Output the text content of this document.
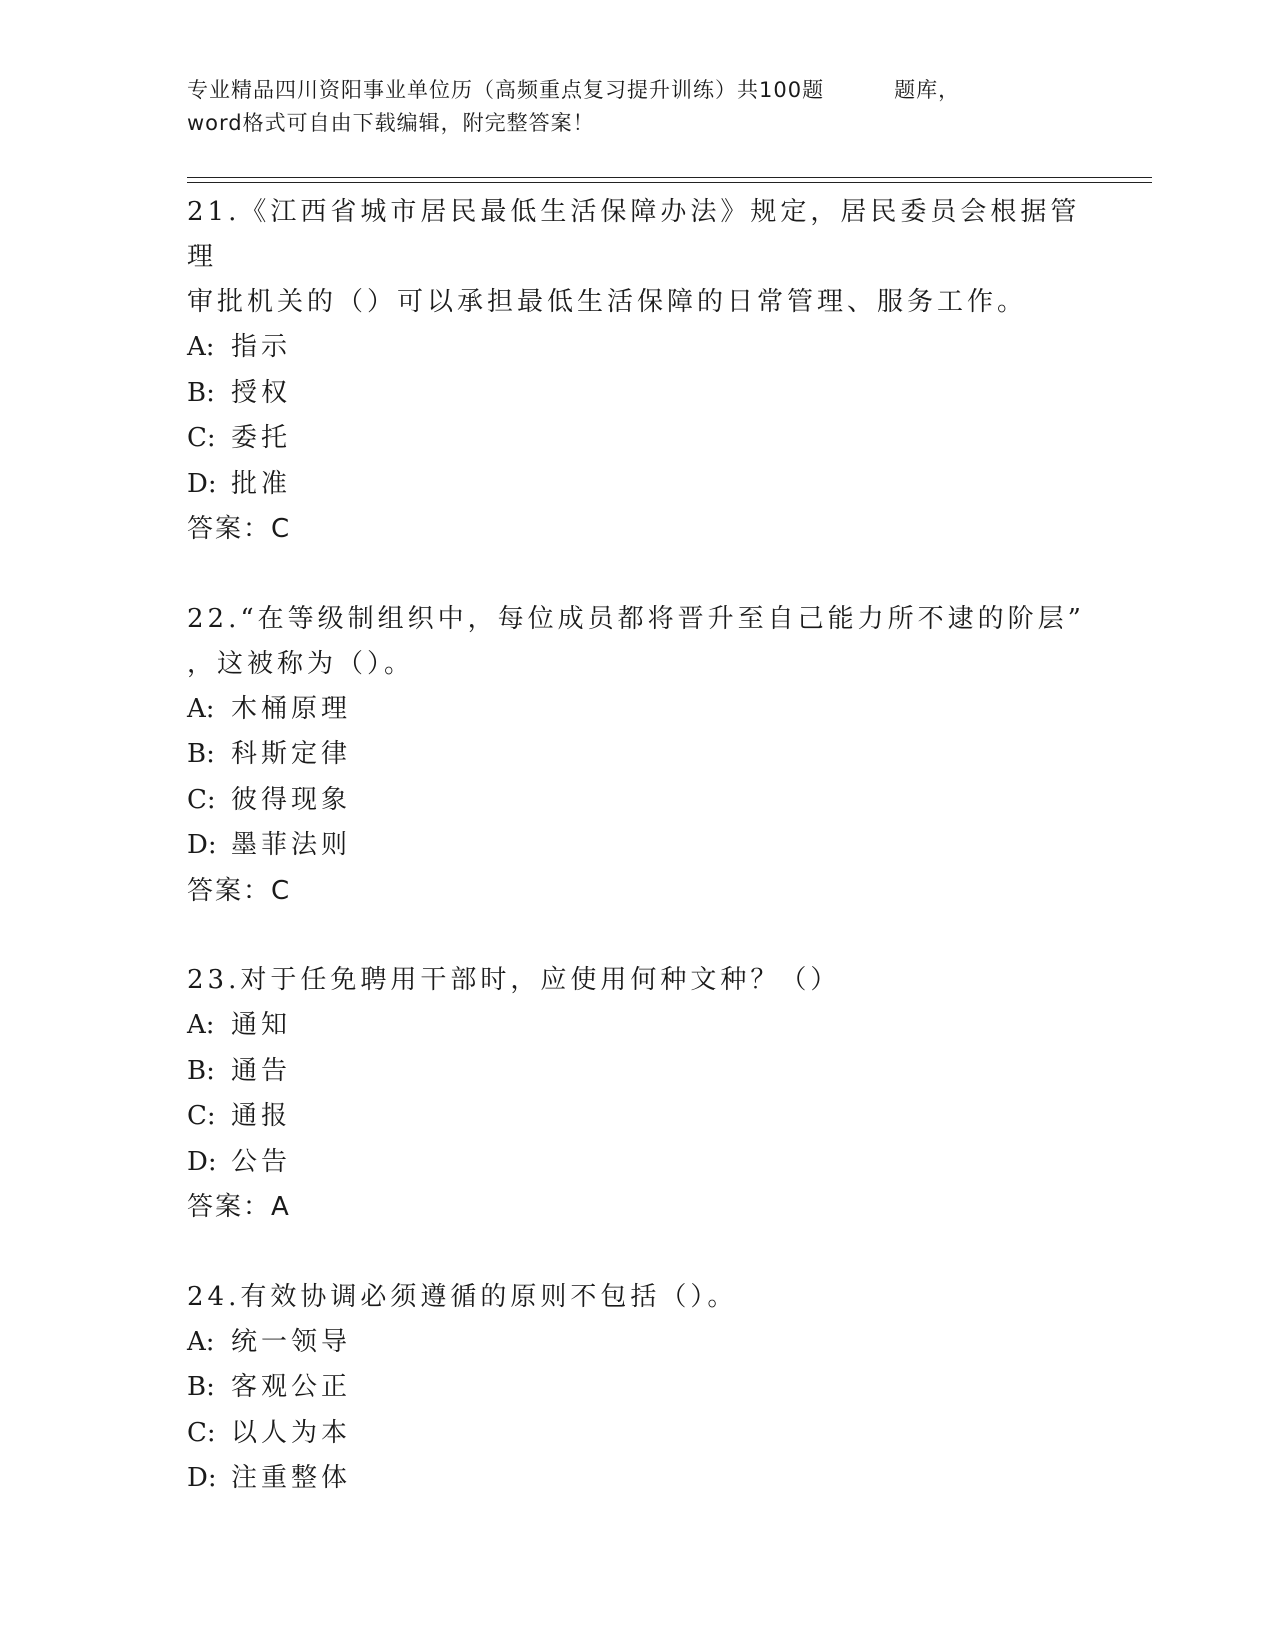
专业精品四川资阳事业单位历（高频重点复习提升训练）共100题	题库，
word格式可自由下载编辑，附完整答案！

21.《江西省城市居民最低生活保障办法》规定，居民委员会根据管理
审批机关的（）可以承担最低生活保障的日常管理、服务工作。

A: 指示

B: 授权

C: 委托

D: 批准

答案：C

22.“在等级制组织中，每位成员都将晋升至自己能力所不逮的阶层”
，这被称为（）。

A: 木桶原理

B: 科斯定律

C: 彼得现象

D: 墨菲法则

答案：C

23.对于任免聘用干部时，应使用何种文种？（）

A: 通知

B: 通告

C: 通报

D: 公告

答案：A

24.有效协调必须遵循的原则不包括（）。

A: 统一领导

B: 客观公正

C: 以人为本

D: 注重整体
